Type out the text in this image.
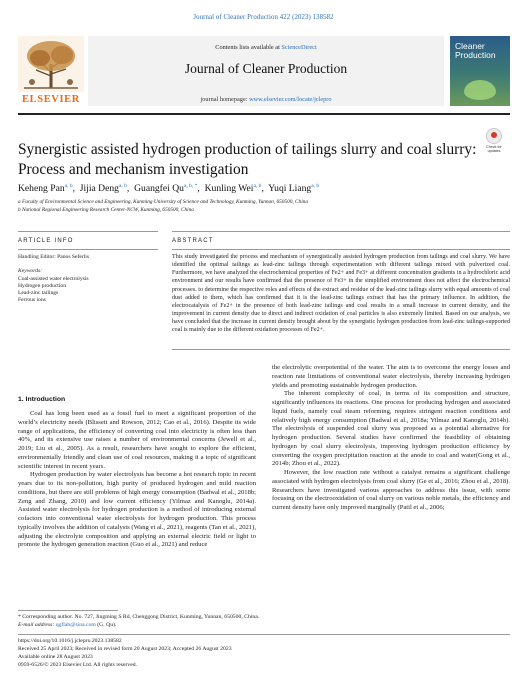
Journal of Cleaner Production 422 (2023) 138582
ELSEVIER
Contents lists available at ScienceDirect
Journal of Cleaner Production
journal homepage: www.elsevier.com/locate/jclepro
Cleaner Production
Check for updates
Synergistic assisted hydrogen production of tailings slurry and coal slurry: Process and mechanism investigation
Keheng Pan$^{a, b}$,  Jijia Deng$^{a, b}$,  Guangfei $Qu^{a, b, *}$,  Kunling Wei$^{a, b}$,  Yuqi Liang$^{a, b}$
a Faculty of Environmental Science and Engineering, Kunming University of Science and Technology, Kunming, Yunnan, 650500, China
b National Regional Engineering Research Center-NCW, Kunming, 650500, China
ARTICLE INFO	ABSTRACT
Handling Editor: Panos Seferlis
Keywords:
Coal-assisted water electrolysis
Hydrogen production
Lead-zinc tailings
Ferrous ions
This study investigated the process and mechanism of synergistically assisted hydrogen production from tailings and coal slurry. We have identified the optimal tailings as lead-zinc tailings through experimentation with different tailings mixed with pulverized coal. Furthermore, we have analyzed the electrochemical properties of Fe2+ and Fe3+ at different concentration gradients in a hydrochloric acid environment and our results have confirmed that the presence of Fe3+ in the simplified environment does not affect the electrochemical processes. to determine the respective roles and effects of the extract and residue of the lead-zinc tailings slurry with equal amounts of coal dust added to them, which has confirmed that it is the lead-zinc tailings extract that has the primary influence. In addition, the electrocatalysis of Fe2+ in the presence of both lead-zinc tailings and coal results in a small increase in current density, and the improvement in current density due to direct and indirect oxidation of coal particles is also extremely limited. Based on our analysis, we have concluded that the increase in current density brought about by the synergistic hydrogen production from lead-zinc tailings-supported coal is mainly due to the different oxidation processes of Fe2+.
1. Introduction

Coal has long been used as a fossil fuel to meet a significant proportion of the world’s electricity needs (Blissett and Rowson, 2012; Cao et al., 2016). Despite its wide range of applications, the efficiency of converting coal into electricity is often less than 40%, and its extensive use raises a number of environmental concerns (Jewell et al., 2019; Liu et al., 2005). As a result, researchers have sought to explore the efficient, environmentally friendly and clean use of coal resources, making it a topic of significant scientific interest in recent years.

Hydrogen production by water electrolysis has become a hot research topic in recent years due to its non-pollution, high purity of produced hydrogen and mild reaction conditions, but there are still problems of high energy consumption (Badwal et al., 2018b; Zeng and Zhang, 2010) and low current efficiency (Yilmaz and Kanoglu, 2014a). Assisted water electrolysis for hydrogen production is a method of introducing external cofactors into conventional water electrolysis for hydrogen production. This process typically involves the addition of catalysts (Wang et al., 2021), reagents (Tan et al., 2021), adjusting the electrolyte composition and applying an external electric field or light to promote the hydrogen generation reaction (Guo et al., 2021) and reduce

the electrolytic overpotential of the water. The aim is to overcome the energy losses and reaction rate limitations of conventional water electrolysis, thereby increasing hydrogen yields and promoting sustainable hydrogen production.

The inherent complexity of coal, in terms of its composition and structure, significantly influences its reactions. One process for producing hydrogen and associated liquid fuels, namely coal steam reforming, requires stringent reaction conditions and relatively high energy consumption (Badwal et al., 2018a; Yilmaz and Kanoglu, 2014b). The electrolysis of suspended coal slurry was proposed as a potential alternative for hydrogen production. Several studies have confirmed the feasibility of obtaining hydrogen by coal slurry electrolysis, improving hydrogen production efficiency by converting the oxygen precipitation reaction at the anode to coal and water(Gong et al., 2014b; Zhou et al., 2022).

However, the low reaction rate without a catalyst remains a significant challenge associated with hydrogen electrolysis from coal slurry (Ge et al., 2016; Zhou et al., 2018). Researchers have investigated various approaches to address this issue, with some focusing on the electrooxidation of coal slurry on various noble metals, the efficiency and current density have only improved marginally (Patil et al., 2006;

* Corresponding author. No. 727, Jingming S Rd, Chenggong District, Kunming, Yunnan, 650500, China.
E-mail address: qgflab@sina.com (G. Qu).
https://doi.org/10.1016/j.jclepro.2023.138582
Received 25 April 2023; Received in revised form 20 August 2023; Accepted 26 August 2023
Available online 28 August 2023
0959-6526/© 2023 Elsevier Ltd. All rights reserved.
